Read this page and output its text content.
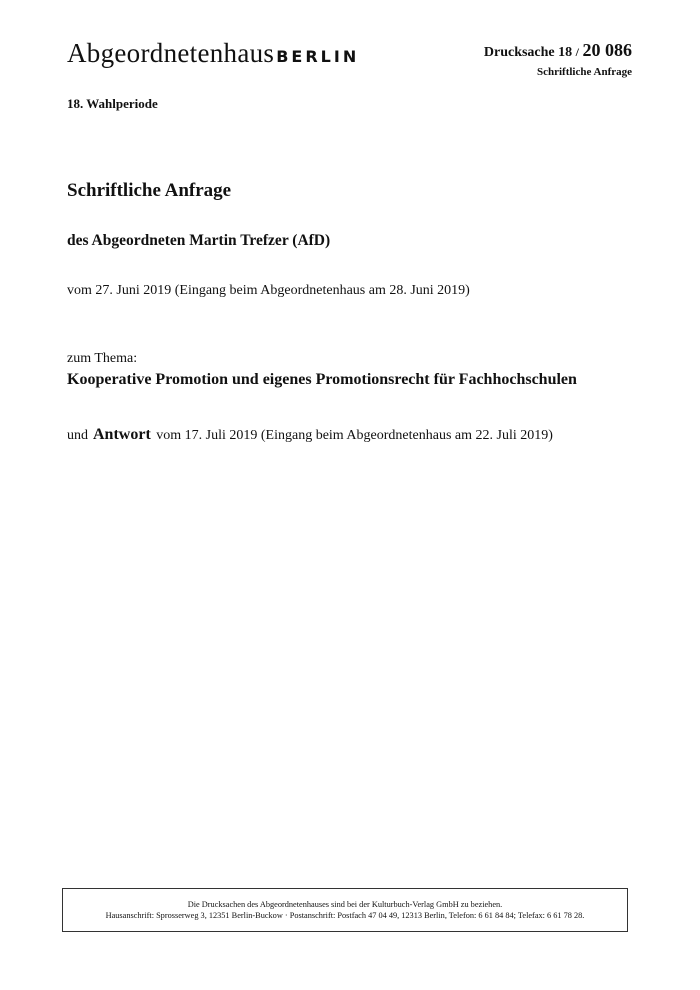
Abgeordnetenhaus BERLIN	Drucksache 18 / 20 086
Schriftliche Anfrage
18. Wahlperiode
Schriftliche Anfrage
des Abgeordneten Martin Trefzer (AfD)
vom 27. Juni 2019 (Eingang beim Abgeordnetenhaus am 28. Juni 2019)
zum Thema:
Kooperative Promotion und eigenes Promotionsrecht für Fachhochschulen
und Antwort vom 17. Juli 2019 (Eingang beim Abgeordnetenhaus am 22. Juli 2019)
Die Drucksachen des Abgeordnetenhauses sind bei der Kulturbuch-Verlag GmbH zu beziehen.
Hausanschrift: Sprosserweg 3, 12351 Berlin-Buckow · Postanschrift: Postfach 47 04 49, 12313 Berlin, Telefon: 6 61 84 84; Telefax: 6 61 78 28.
